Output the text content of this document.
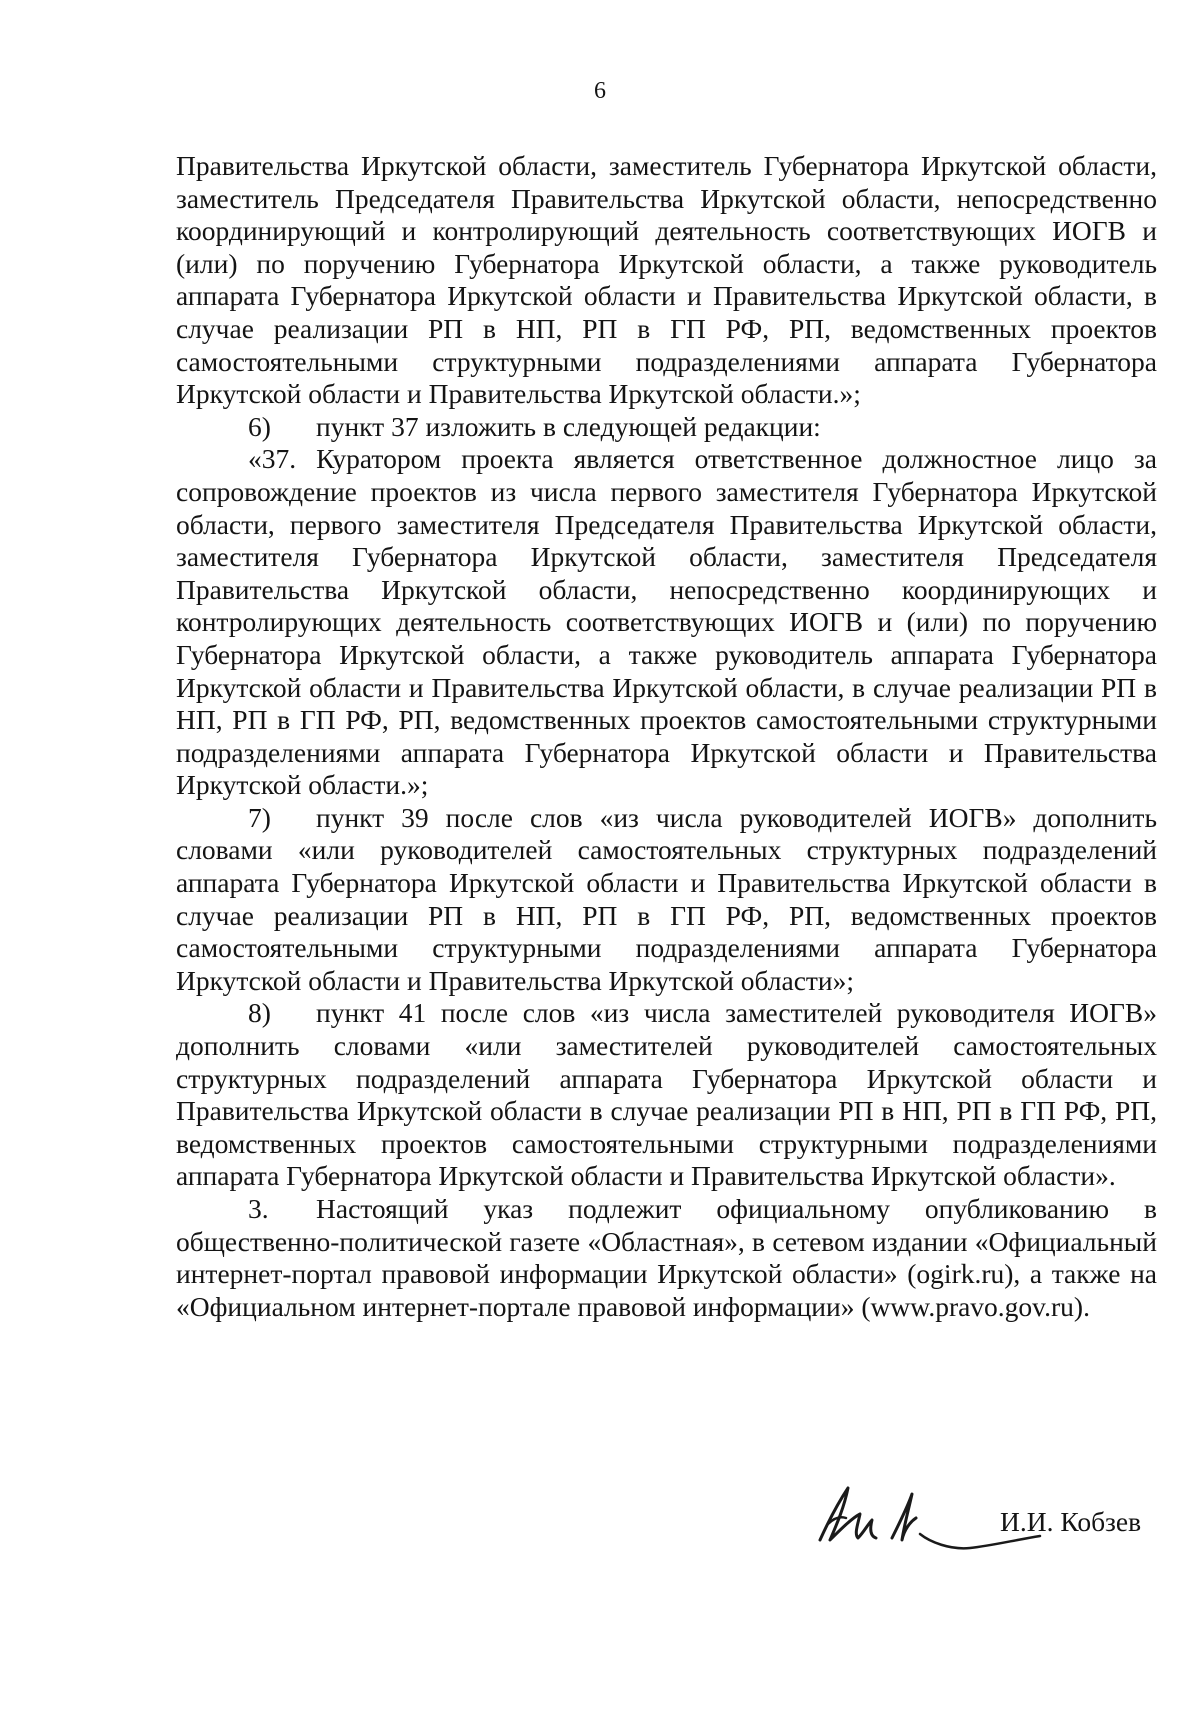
6

Правительства Иркутской области, заместитель Губернатора Иркутской области, заместитель Председателя Правительства Иркутской области, непосредственно координирующий и контролирующий деятельность соответствующих ИОГВ и (или) по поручению Губернатора Иркутской области, а также руководитель аппарата Губернатора Иркутской области и Правительства Иркутской области, в случае реализации РП в НП, РП в ГП РФ, РП, ведомственных проектов самостоятельными структурными подразделениями аппарата Губернатора Иркутской области и Правительства Иркутской области.»;

6) пункт 37 изложить в следующей редакции:

«37. Куратором проекта является ответственное должностное лицо за сопровождение проектов из числа первого заместителя Губернатора Иркутской области, первого заместителя Председателя Правительства Иркутской области, заместителя Губернатора Иркутской области, заместителя Председателя Правительства Иркутской области, непосредственно координирующих и контролирующих деятельность соответствующих ИОГВ и (или) по поручению Губернатора Иркутской области, а также руководитель аппарата Губернатора Иркутской области и Правительства Иркутской области, в случае реализации РП в НП, РП в ГП РФ, РП, ведомственных проектов самостоятельными структурными подразделениями аппарата Губернатора Иркутской области и Правительства Иркутской области.»;

7) пункт 39 после слов «из числа руководителей ИОГВ» дополнить словами «или руководителей самостоятельных структурных подразделений аппарата Губернатора Иркутской области и Правительства Иркутской области в случае реализации РП в НП, РП в ГП РФ, РП, ведомственных проектов самостоятельными структурными подразделениями аппарата Губернатора Иркутской области и Правительства Иркутской области»;

8) пункт 41 после слов «из числа заместителей руководителя ИОГВ» дополнить словами «или заместителей руководителей самостоятельных структурных подразделений аппарата Губернатора Иркутской области и Правительства Иркутской области в случае реализации РП в НП, РП в ГП РФ, РП, ведомственных проектов самостоятельными структурными подразделениями аппарата Губернатора Иркутской области и Правительства Иркутской области».

3. Настоящий указ подлежит официальному опубликованию в общественно-политической газете «Областная», в сетевом издании «Официальный интернет-портал правовой информации Иркутской области» (ogirk.ru), а также на «Официальном интернет-портале правовой информации» (www.pravo.gov.ru).

И.И. Кобзев
